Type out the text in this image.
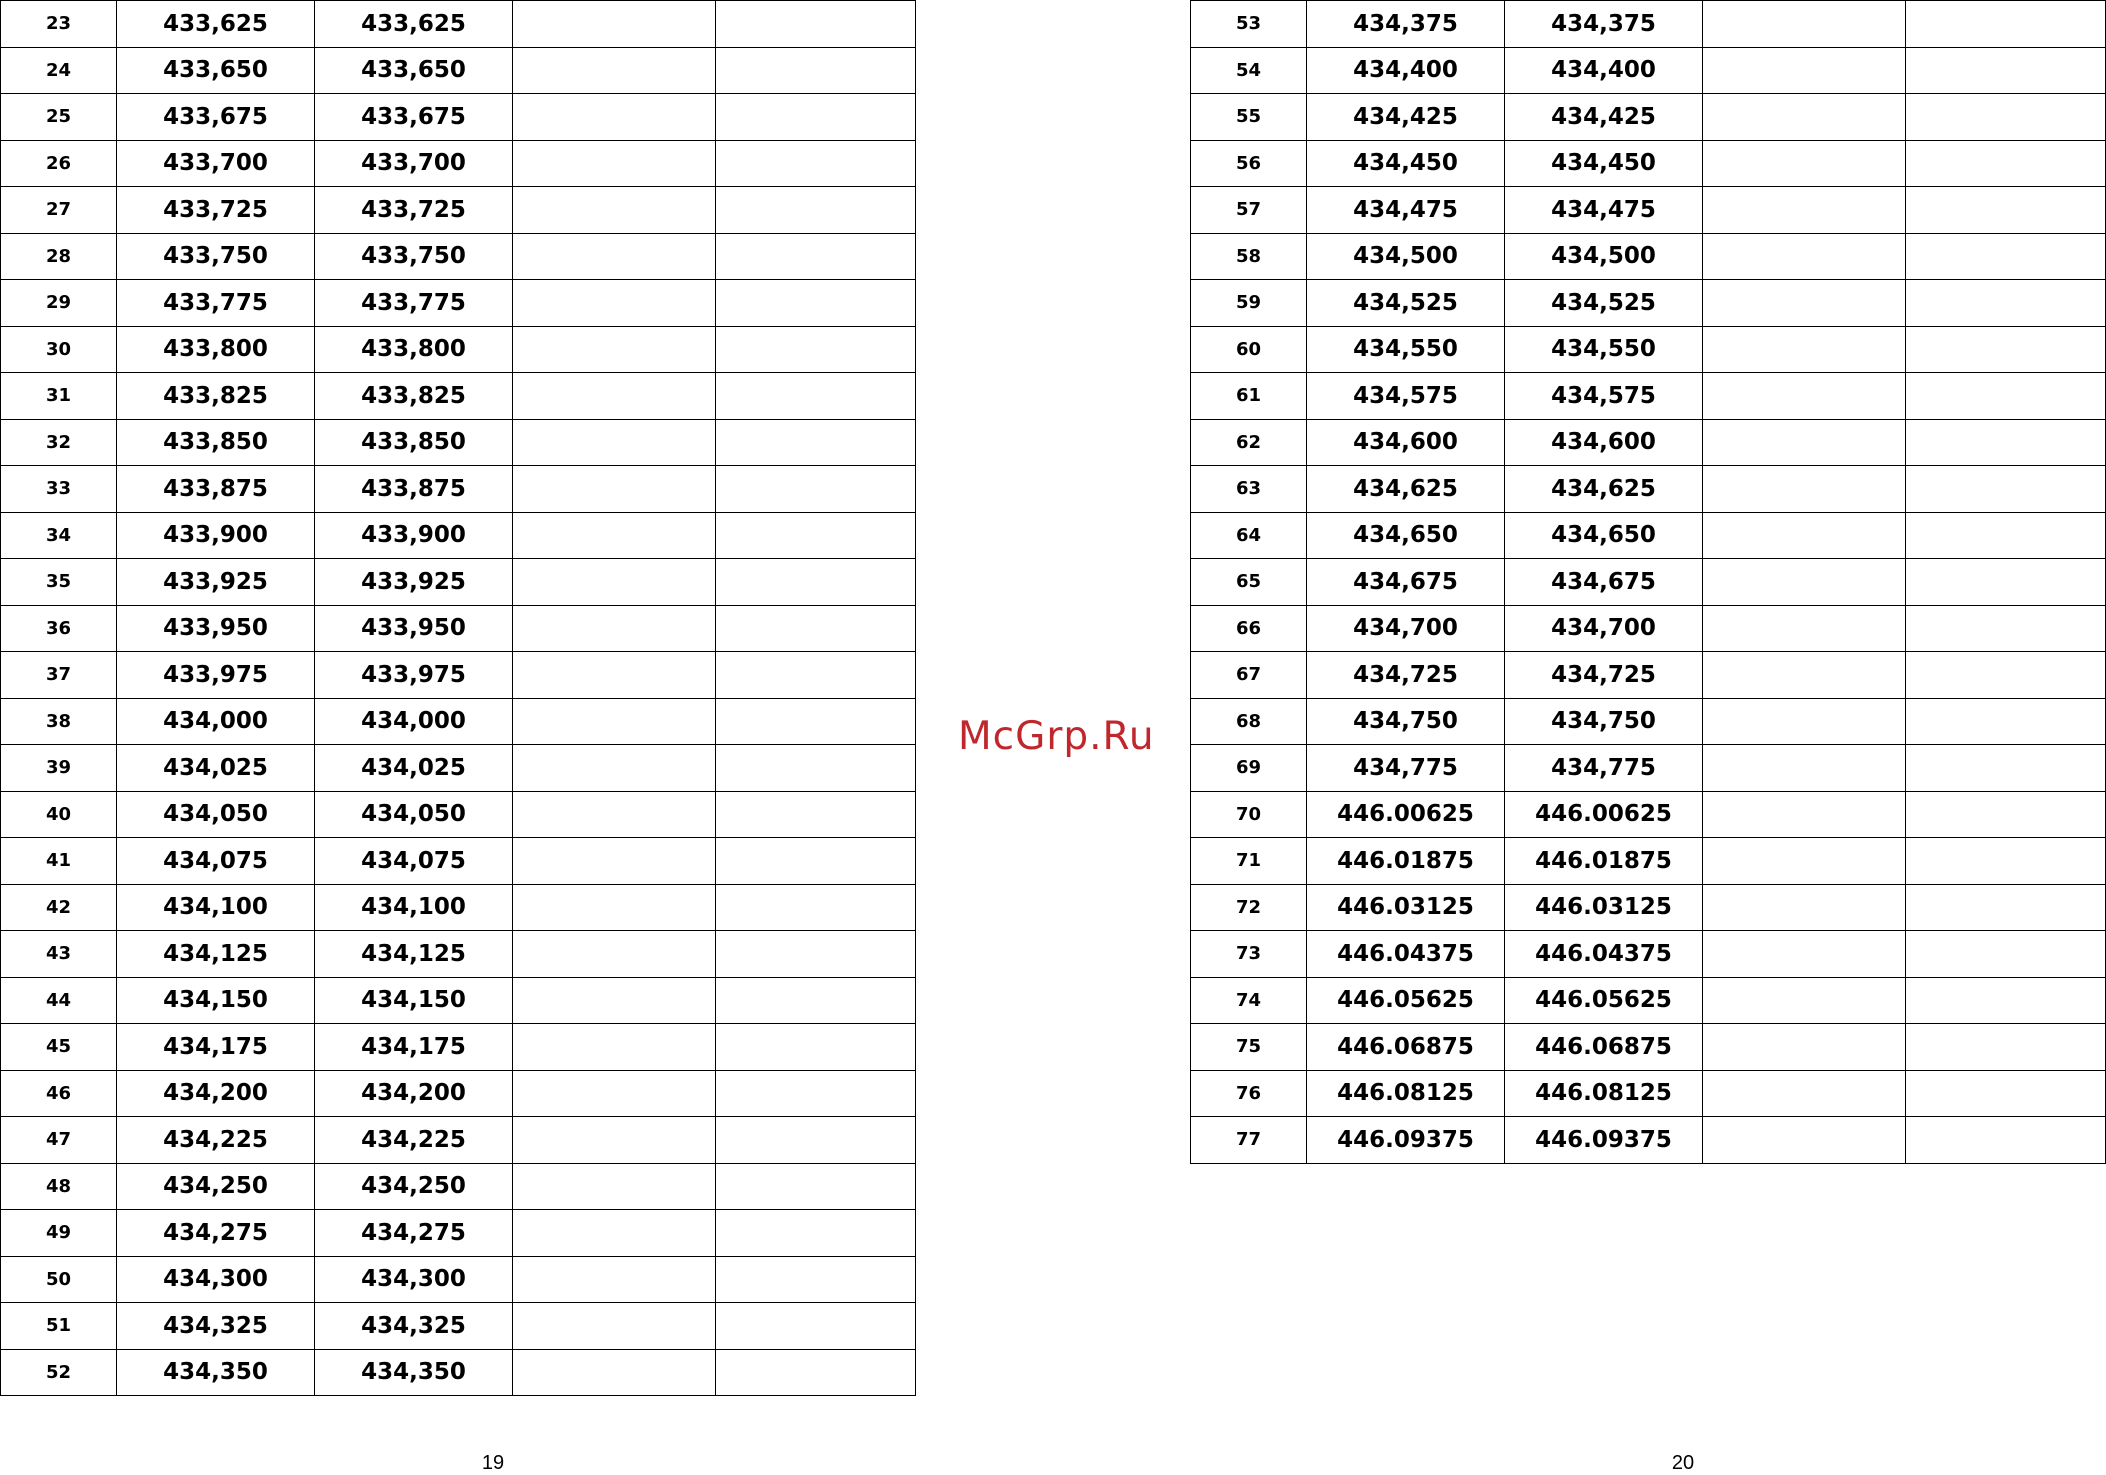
23	433,625	433,625		
24	433,650	433,650		
25	433,675	433,675		
26	433,700	433,700		
27	433,725	433,725		
28	433,750	433,750		
29	433,775	433,775		
30	433,800	433,800		
31	433,825	433,825		
32	433,850	433,850		
33	433,875	433,875		
34	433,900	433,900		
35	433,925	433,925		
36	433,950	433,950		
37	433,975	433,975		
38	434,000	434,000		
39	434,025	434,025		
40	434,050	434,050		
41	434,075	434,075		
42	434,100	434,100		
43	434,125	434,125		
44	434,150	434,150		
45	434,175	434,175		
46	434,200	434,200		
47	434,225	434,225		
48	434,250	434,250		
49	434,275	434,275		
50	434,300	434,300		
51	434,325	434,325		
52	434,350	434,350		
53	434,375	434,375		
54	434,400	434,400		
55	434,425	434,425		
56	434,450	434,450		
57	434,475	434,475		
58	434,500	434,500		
59	434,525	434,525		
60	434,550	434,550		
61	434,575	434,575		
62	434,600	434,600		
63	434,625	434,625		
64	434,650	434,650		
65	434,675	434,675		
66	434,700	434,700		
67	434,725	434,725		
68	434,750	434,750		
69	434,775	434,775		
70	446.00625	446.00625		
71	446.01875	446.01875		
72	446.03125	446.03125		
73	446.04375	446.04375		
74	446.05625	446.05625		
75	446.06875	446.06875		
76	446.08125	446.08125		
77	446.09375	446.09375		
McGrp.Ru
19	20
